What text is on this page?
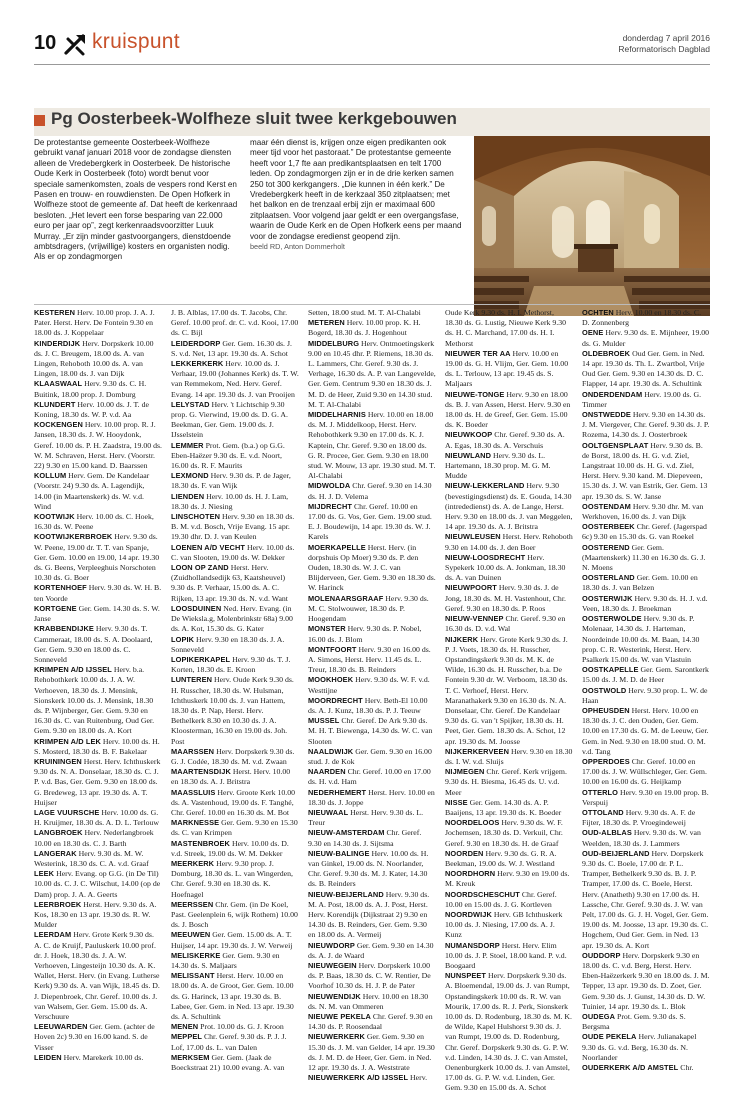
10 kruispunt	donderdag 7 april 2016
Reformatorisch Dagblad
Pg Oosterbeek-Wolfheze sluit twee kerkgebouwen

De protestantse gemeente Oosterbeek-Wolfheze gebruikt vanaf januari 2018 voor de zondagse diensten alleen de Vredebergkerk in Oosterbeek. De historische Oude Kerk in Oosterbeek (foto) wordt benut voor speciale samenkomsten, zoals de vespers rond Kerst en Pasen en trouw- en rouwdiensten. De Open Hofkerk in Wolfheze stoot de gemeente af. Dat heeft de kerkenraad besloten. „Het levert een forse besparing van 22.000 euro per jaar op”, zegt kerkenraadsvoorzitter Luuk Murray. „Er zijn minder gastvoorgangers, dienstdoende ambtsdragers, (vrijwillige) kosters en organisten nodig. Als er op zondagmorgen

maar één dienst is, krijgen onze eigen predikanten ook meer tijd voor het pastoraat.” De protestantse gemeente heeft voor 1,7 fte aan predikantsplaatsen en telt 1700 leden. Op zondagmorgen zijn er in de drie kerken samen 250 tot 300 kerkgangers. „Die kunnen in één kerk.” De Vredebergkerk heeft in de kerkzaal 350 zitplaatsen; met het balkon en de trenzaal erbij zijn er maximaal 600 zitplaatsen. Voor volgend jaar geldt er een overgangsfase, waarin de Oude Kerk en de Open Hofkerk eens per maand voor de zondagse eredienst geopend zijn.

beeld RD, Anton Dommerholt

KESTEREN Herv. 10.00 prop. J. A. J. Pater. Herst. Herv. De Fontein 9.30 en 18.00 ds. J. Koppelaar

KINDERDIJK Herv. Dorpskerk 10.00 ds. J. C. Breugem, 18.00 ds. A. van Lingen, Rehoboth 10.00 ds. A. van Lingen, 18.00 ds. J. van Dijk

KLAASWAAL Herv. 9.30 ds. C. H. Buitink, 18.00 prop. J. Domburg

KLUNDERT Herv. 10.00 ds. J. T. de Koning, 18.30 ds. W. P. v.d. Aa

KOCKENGEN Herv. 10.00 prop. R. J. Jansen, 18.30 ds. J. W. Hooydonk, Geref. 10.00 ds. P. H. Zaadstra, 19.00 ds. W. M. Schraven, Herst. Herv. (Voorstr. 22) 9.30 en 15.00 kand. D. Baarssen

KOLLUM Herv. Gem. De Kandelaar (Voorstr. 24) 9.30 ds. A. Lagendijk, 14.00 (in Maartenskerk) ds. W. v.d. Wind

KOOTWIJK Herv. 10.00 ds. C. Hoek, 16.30 ds. W. Peene

KOOTWIJKERBROEK Herv. 9.30 ds. W. Peene, 19.00 dr. T. T. van Spanje, Ger. Gem. 10.00 en 19.00, 14 apr. 19.30 ds. G. Beens, Verpleeghuis Norschoten 10.30 ds. G. Boer

KORTENHOEF Herv. 9.30 ds. W. H. B. ten Voorde

KORTGENE Ger. Gem. 14.30 ds. S. W. Janse

KRABBENDIJKE Herv. 9.30 ds. T. Cammeraat, 18.00 ds. S. A. Doolaard, Ger. Gem. 9.30 en 18.00 ds. C. Sonneveld

KRIMPEN A/D IJSSEL Herv. b.a. Rehobothkerk 10.00 ds. J. A. W. Verhoeven, 18.30 ds. J. Mensink, Sionskerk 10.00 ds. J. Mensink, 18.30 ds. P. Wijnberger, Ger. Gem. 9.30 en 16.30 ds. C. van Ruitenburg, Oud Ger. Gem. 9.30 en 18.00 ds. A. Kort

KRIMPEN A/D LEK Herv. 10.00 ds. H. S. Mosterd, 18.30 ds. B. F. Bakelaar

KRUININGEN Herst. Herv. Ichthuskerk 9.30 ds. N. A. Donselaar, 18.30 ds. C. J. P. v.d. Bas, Ger. Gem. 9.30 en 18.00 ds. G. Bredeweg, 13 apr. 19.30 ds. A. T. Huijser

LAGE VUURSCHE Herv. 10.00 ds. G. H. Kruijmer, 18.30 ds. A. D. L. Terlouw

LANGBROEK Herv. Nederlangbroek 10.00 en 18.30 ds. C. J. Barth

LANGERAK Herv. 9.30 ds. M. W. Westerink, 18.30 ds. C. A. v.d. Graaf

LEEK Herv. Evang. op G.G. (in De Til) 10.00 ds. C. J. C. Wilschut, 14.00 (op de Dam) prop. J. A. A. Geerts

LEERBROEK Herst. Herv. 9.30 ds. A. Kos, 18.30 en 13 apr. 19.30 ds. R. W. Mulder

LEERDAM Herv. Grote Kerk 9.30 ds. A. C. de Kruijf, Pauluskerk 10.00 prof. dr. J. Hoek, 18.30 ds. J. A. W. Verhoeven, Lingesteijn 10.30 ds. A. K. Wallet, Herst. Herv. (in Evang. Lutherse Kerk) 9.30 ds. A. van Wijk, 18.45 ds. D. J. Diepenbroek, Chr. Geref. 10.00 ds. J. van Walsem, Ger. Gem. 15.00 ds. A. Verschuure

LEEUWARDEN Ger. Gem. (achter de Hoven 2c) 9.30 en 16.00 kand. S. de Visser

LEIDEN Herv. Marekerk 10.00 ds.

J. B. Alblas, 17.00 ds. T. Jacobs, Chr. Geref. 10.00 prof. dr. C. v.d. Kooi, 17.00 ds. C. Bijl

LEIDERDORP Ger. Gem. 16.30 ds. J. S. v.d. Net, 13 apr. 19.30 ds. A. Schot

LEKKERKERK Herv. 10.00 ds. J. Verhaar, 19.00 (Johannes Kerk) ds. T. W. van Remmekom, Ned. Herv. Geref. Evang. 14 apr. 19.30 ds. J. van Prooijen

LELYSTAD Herv. 't Lichtschip 9.30 prop. G. Vierwind, 19.00 ds. D. G. A. Beekman, Ger. Gem. 19.00 ds. J. IJsselstein

LEMMER Prot. Gem. (b.a.) op G.G. Eben-Haëzer 9.30 ds. E. v.d. Noort, 16.00 ds. R. F. Maurits

LEXMOND Herv. 9.30 ds. P. de Jager, 18.30 ds. F. van Wijk

LIENDEN Herv. 10.00 ds. H. J. Lam, 18.30 ds. J. Niesing

LINSCHOTEN Herv. 9.30 en 18.30 ds. B. M. v.d. Bosch, Vrije Evang. 15 apr. 19.30 dhr. D. J. van Keulen

LOENEN A/D VECHT Herv. 10.00 ds. C. van Slooten, 19.00 ds. W. Dekker

LOON OP ZAND Herst. Herv. (Zuidhollandsedijk 63, Kaatsheuvel) 9.30 ds. P. Verhaar, 15.00 ds. A. C. Rijken, 13 apr. 19.30 ds. N. v.d. Want

LOOSDUINEN Ned. Herv. Evang. (in De Wieksla.g, Molenbrinkstr 68a) 9.00 ds. A. Kot, 15.30 ds. G. Kater

LOPIK Herv. 9.30 en 18.30 ds. J. A. Sonneveld

LOPIKERKAPEL Herv. 9.30 ds. T. J. Korten, 18.30 ds. E. Kroon

LUNTEREN Herv. Oude Kerk 9.30 ds. H. Russcher, 18.30 ds. W. Hulsman, Ichthuskerk 10.00 ds. J. van Hattem, 18.30 ds. P. Nap, Herst. Herv. Bethelkerk 8.30 en 10.30 ds. J. A. Kloosterman, 16.30 en 19.00 ds. Joh. Post

MAARSSEN Herv. Dorpskerk 9.30 ds. G. J. Codée, 18.30 ds. M. v.d. Zwaan

MAARTENSDIJK Herst. Herv. 10.00 en 18.30 ds. A. J. Britstra

MAASSLUIS Herv. Groote Kerk 10.00 ds. A. Vastenhoud, 19.00 ds. F. Tanghé, Chr. Geref. 10.00 en 16.30 ds. M. Bot

MARKNESSE Ger. Gem. 9.30 en 15.30 ds. C. van Krimpen

MASTENBROEK Herv. 10.00 ds. D. v.d. Streek, 19.00 ds. W. M. Dekker

MEERKERK Herv. 9.30 prop. J. Domburg, 18.30 ds. L. van Wingerden, Chr. Geref. 9.30 en 18.30 ds. K. Hoefnagel

MEERSSEN Chr. Gem. (in De Koel, Past. Geelenplein 6, wijk Rothem) 10.00 ds. J. Bosch

MEEUWEN Ger. Gem. 15.00 ds. A. T. Huijser, 14 apr. 19.30 ds. J. W. Verweij

MELISKERKE Ger. Gem. 9.30 en 14.30 ds. S. Maljaars

MELISSANT Herst. Herv. 10.00 en 18.00 ds. A. de Groot, Ger. Gem. 10.00 ds. G. Harinck, 13 apr. 19.30 ds. B. Labee, Ger. Gem. in Ned. 13 apr. 19.30 ds. A. Schultink

MENEN Prot. 10.00 ds. G. J. Kroon

MEPPEL Chr. Geref. 9.30 ds. P. J. J. Lof, 17.00 ds. L. van Dalen

MERKSEM Ger. Gem. (Jaak de Boeckstraat 21) 10.00 evang. A. van

Setten, 18.00 stud. M. T. Al-Chalabi

METEREN Herv. 10.00 prop. K. H. Bogerd, 18.30 ds. J. Hogenhout

MIDDELBURG Herv. Ontmoetingskerk 9.00 en 10.45 dhr. P. Riemens, 18.30 ds. L. Lammers, Chr. Geref. 9.30 ds. J. Verhage, 16.30 ds. A. P. van Langevelde, Ger. Gem. Centrum 9.30 en 18.30 ds. J. M. D. de Heer, Zuid 9.30 en 14.30 stud. M. T. Al-Chalabi

MIDDELHARNIS Herv. 10.00 en 18.00 ds. M. J. Middelkoop, Herst. Herv. Rehobothkerk 9.30 en 17.00 ds. K. J. Kaptein, Chr. Geref. 9.30 en 18.00 ds. G. R. Procee, Ger. Gem. 9.30 en 18.00 stud. W. Mouw, 13 apr. 19.30 stud. M. T. Al-Chalabi

MIDWOLDA Chr. Geref. 9.30 en 14.30 ds. H. J. D. Velema

MIJDRECHT Chr. Geref. 10.00 en 17.00 ds. G. Vos, Ger. Gem. 19.00 stud. E. J. Boudewijn, 14 apr. 19.30 ds. W. J. Karels

MOERKAPELLE Herst. Herv. (in dorpshuis Op Moer) 9.30 ds. P. den Ouden, 18.30 ds. W. J. C. van Blijderveen, Ger. Gem. 9.30 en 18.30 ds. W. Harinck

MOLENAARSGRAAF Herv. 9.30 ds. M. C. Stolwouwer, 18.30 ds. P. Hoogendam

MONSTER Herv. 9.30 ds. P. Nobel, 16.00 ds. J. Blom

MONTFOORT Herv. 9.30 en 16.00 ds. A. Simons, Herst. Herv. 11.45 ds. L. Treur, 18.30 ds. B. Reinders

MOOKHOEK Herv. 9.30 ds. W. F. v.d. Westtijne

MOORDRECHT Herv. Beth-El 10.00 ds. A. J. Kunz, 18.30 ds. P. J. Teeuw

MUSSEL Chr. Geref. De Ark 9.30 ds. M. H. T. Biewenga, 14.30 ds. W. C. van Slooten

NAALDWIJK Ger. Gem. 9.30 en 16.00 stud. J. de Kok

NAARDEN Chr. Geref. 10.00 en 17.00 ds. H. v.d. Ham

NEDERHEMERT Herst. Herv. 10.00 en 18.30 ds. J. Joppe

NIEUWAAL Herst. Herv. 9.30 ds. L. Treur

NIEUW-AMSTERDAM Chr. Geref. 9.30 en 14.30 ds. J. Sijtsma

NIEUW-BALINGE Herv. 10.00 ds. H. van Ginkel, 19.00 ds. N. Noorlander, Chr. Geref. 9.30 ds. M. J. Kater, 14.30 ds. B. Reinders

NIEUW-BEIJERLAND Herv. 9.30 ds. M. A. Post, 18.00 ds. A. J. Post, Herst. Herv. Korendijk (Dijkstraat 2) 9.30 en 14.30 ds. B. Reinders, Ger. Gem. 9.30 en 18.00 ds. A. Vermeij

NIEUWDORP Ger. Gem. 9.30 en 14.30 ds. A. J. de Waard

NIEUWEGEIN Herv. Dorpskerk 10.00 ds. P. Baas, 18.30 ds. C. W. Rentier, De Voorhof 10.30 ds. H. J. P. de Pater

NIEUWENDIJK Herv. 10.00 en 18.30 ds. N. M. van Ommeren

NIEUWE PEKELA Chr. Geref. 9.30 en 14.30 ds. P. Roosendaal

NIEUWERKERK Ger. Gem. 9.30 en 15.30 ds. J. M. van Gelder, 14 apr. 19.30 ds. J. M. D. de Heer, Ger. Gem. in Ned. 12 apr. 19.30 ds. J. A. Weststrate

NIEUWERKERK A/D IJSSEL Herv.

Oude Kerk 9.30 ds. H. I. Methorst, 18.30 ds. G. Lustig, Nieuwe Kerk 9.30 ds. H. C. Marchand, 17.00 ds. H. I. Methorst

NIEUWER TER AA Herv. 10.00 en 19.00 ds. G. H. Vlijm, Ger. Gem. 10.00 ds. L. Terlouw, 13 apr. 19.45 ds. S. Maljaars

NIEUWE-TONGE Herv. 9.30 en 18.00 ds. B. J. van Assen, Herst. Herv. 9.30 en 18.00 ds. H. de Greef, Ger. Gem. 15.00 ds. K. Boeder

NIEUWKOOP Chr. Geref. 9.30 ds. A. A. Egas, 18.30 ds. A. Verschuis

NIEUWLAND Herv. 9.30 ds. L. Hartemann, 18.30 prop. M. G. M. Mudde

NIEUW-LEKKERLAND Herv. 9.30 (bevestigingsdienst) ds. E. Gouda, 14.30 (intrededienst) ds. A. de Lange, Herst. Herv. 9.30 en 18.00 ds. J. van Meggelen, 14 apr. 19.30 ds. A. J. Britstra

NIEUWLEUSEN Herst. Herv. Rehoboth 9.30 en 14.00 ds. J. den Boer

NIEUW-LOOSDRECHT Herv. Sypekerk 10.00 ds. A. Jonkman, 18.30 ds. A. van Duinen

NIEUWPOORT Herv. 9.30 ds. J. de Jong, 18.30 ds. M. H. Vastenhout, Chr. Geref. 9.30 en 18.30 ds. P. Roos

NIEUW-VENNEP Chr. Geref. 9.30 en 16.30 ds. D. v.d. Wal

NIJKERK Herv. Grote Kerk 9.30 ds. J. P. J. Voets, 18.30 ds. H. Russcher, Opstandingskerk 9.30 ds. M. K. de Wilde, 16.30 ds. H. Russcher, b.a. De Fontein 9.30 dr. W. Verboom, 18.30 ds. T. C. Verhoef, Herst. Herv. Maranathakerk 9.30 en 16.30 ds. N. A. Donselaar, Chr. Geref. De Kandelaar 9.30 ds. G. van 't Spijker, 18.30 ds. H. Peet, Ger. Gem. 18.30 ds. A. Schot, 12 apr. 19.30 ds. M. Joosse

NIJKERKERVEEN Herv. 9.30 en 18.30 ds. I. W. v.d. Sluijs

NIJMEGEN Chr. Geref. Kerk vrijgem. 9.30 ds. H. Biesma, 16.45 ds. U. v.d. Meer

NISSE Ger. Gem. 14.30 ds. A. P. Baaijens, 13 apr. 19.30 ds. K. Boeder

NOORDELOOS Herv. 9.30 ds. W. F. Jochemsen, 18.30 ds. D. Verkuil, Chr. Geref. 9.30 en 18.30 ds. H. de Graaf

NOORDEN Herv. 9.30 ds. G. R. A. Beekman, 19.00 ds. W. J. Westland

NOORDHORN Herv. 9.30 en 19.00 ds. M. Kreuk

NOORDSCHESCHUT Chr. Geref. 10.00 en 15.00 ds. J. G. Kortleven

NOORDWIJK Herv. GB Ichthuskerk 10.00 ds. J. Niesing, 17.00 ds. A. J. Kunz

NUMANSDORP Herst. Herv. Elim 10.00 ds. J. P. Stoel, 18.00 kand. P. v.d. Boogaard

NUNSPEET Herv. Dorpskerk 9.30 ds. A. Bloemendal, 19.00 ds. J. van Rumpt, Opstandingskerk 10.00 ds. R. W. van Mourik, 17.00 ds. R. J. Perk, Sionskerk 10.00 ds. D. Rodenburg, 18.30 ds. M. K. de Wilde, Kapel Hulshorst 9.30 ds. J. van Rumpt, 19.00 ds. D. Rodenburg, Chr. Geref. Dorpskerk 9.30 ds. G. P. W. v.d. Linden, 14.30 ds. J. C. van Amstel, Oenenburgkerk 10.00 ds. J. van Amstel, 17.00 ds. G. P. W. v.d. Linden, Ger. Gem. 9.30 en 15.00 ds. A. Schot

OCHTEN Herv. 10.00 en 18.30 ds. C. D. Zonnenberg

OENE Herv. 9.30 ds. E. Mijnheer, 19.00 ds. G. Mulder

OLDEBROEK Oud Ger. Gem. in Ned. 14 apr. 19.30 ds. Th. L. Zwartbol, Vrije Oud Ger. Gem. 9.30 en 14.30 ds. D. C. Flapper, 14 apr. 19.30 ds. A. Schultink

ONDERDENDAM Herv. 19.00 ds. G. Timmer

ONSTWEDDE Herv. 9.30 en 14.30 ds. J. M. Viergever, Chr. Geref. 9.30 ds. J. P. Rozema, 14.30 ds. J. Oosterbroek

OOLTGENSPLAAT Herv. 9.30 ds. B. de Borst, 18.00 ds. H. G. v.d. Ziel, Langstraat 10.00 ds. H. G. v.d. Ziel, Herst. Herv. 9.30 kand. M. Diepeveen, 15.30 ds. J. W. van Estrik, Ger. Gem. 13 apr. 19.30 ds. S. W. Janse

OOSTENDAM Herv. 9.30 dhr. M. van Werkhoven, 16.00 ds. J. van Dijk

OOSTERBEEK Chr. Geref. (Jagerspad 6c) 9.30 en 15.30 ds. G. van Roekel

OOSTEREND Ger. Gem. (Maartenskerk) 11.30 en 16.30 ds. G. J. N. Moens

OOSTERLAND Ger. Gem. 10.00 en 18.30 ds. J. van Belzen

OOSTERWIJK Herv. 9.30 ds. H. J. v.d. Veen, 18.30 ds. J. Broekman

OOSTERWOLDE Herv. 9.30 ds. P. Molenaar, 14.30 ds. J. Harteman, Noordeinde 10.00 ds. M. Baan, 14.30 prop. C. R. Westerink, Herst. Herv. Psalkerk 15.00 ds. W. van Vlastuin

OOSTKAPELLE Ger. Gem. Sarontkerk 15.00 ds. J. M. D. de Heer

OOSTWOLD Herv. 9.30 prop. L. W. de Haan

OPHEUSDEN Herst. Herv. 10.00 en 18.30 ds. J. C. den Ouden, Ger. Gem. 10.00 en 17.30 ds. G. M. de Leeuw, Ger. Gem. in Ned. 9.30 en 18.00 stud. O. M. v.d. Tang

OPPERDOES Chr. Geref. 10.00 en 17.00 ds. J. W. Wüllschleger, Ger. Gem. 10.00 en 16.00 ds. G. Heijkamp

OTTERLO Herv. 9.30 en 19.00 prop. B. Verspuij

OTTOLAND Herv. 9.30 ds. A. F. de Fijter, 18.30 ds. P. Vroegindeweij

OUD-ALBLAS Herv. 9.30 ds. W. van Weelden, 18.30 ds. J. Lammers

OUD-BEIJERLAND Herv. Dorpskerk 9.30 ds. C. Boele, 17.00 dr. P. L. Tramper, Bethelkerk 9.30 ds. B. J. P. Tramper, 17.00 ds. C. Boele, Herst. Herv. (Anatheth) 9.30 en 17.00 ds. H. Lassche, Chr. Geref. 9.30 ds. J. W. van Pelt, 17.00 ds. G. J. H. Vogel, Ger. Gem. 19.00 ds. M. Joosse, 13 apr. 19.30 ds. C. Hogchem, Oud Ger. Gem. in Ned. 13 apr. 19.30 ds. A. Kort

OUDDORP Herv. Dorpskerk 9.30 en 18.00 ds. C. v.d. Berg, Herst. Herv. Eben-Haëzerkerk 9.30 en 18.00 ds. J. M. Tepper, 13 apr. 19.30 ds. D. Zoet, Ger. Gem. 9.30 ds. J. Gunst, 14.30 ds. D. W. Tuinier, 14 apr. 19.30 ds. L. Blok

OUDEGA Prot. Gem. 9.30 ds. S. Bergsma

OUDE PEKELA Herv. Julianakapel 9.30 ds. G. v.d. Berg, 16.30 ds. N. Noorlander

OUDERKERK A/D AMSTEL Chr.
